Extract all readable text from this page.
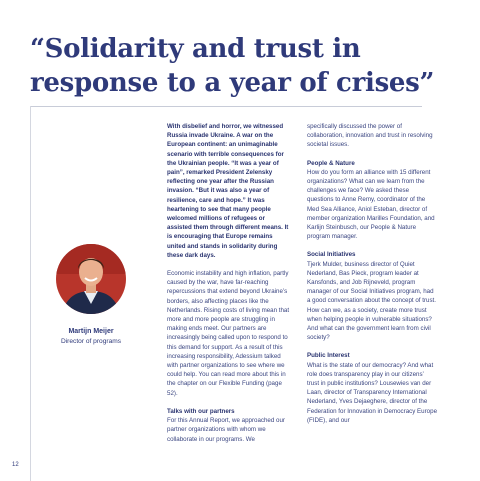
“Solidarity and trust in
response to a year of crises”
Martijn Meijer
Director of programs

With disbelief and horror, we witnessed Russia invade Ukraine. A war on the European continent: an unimaginable scenario with terrible consequences for the Ukrainian people. “It was a year of pain”, remarked President Zelensky reflecting one year after the Russian invasion. “But it was also a year of resilience, care and hope.” It was heartening to see that many people welcomed millions of refugees or assisted them through different means. It is encouraging that Europe remains united and stands in solidarity during these dark days.

Economic instability and high inflation, partly caused by the war, have far-reaching repercussions that extend beyond Ukraine’s borders, also affecting places like the Netherlands. Rising costs of living mean that more and more people are struggling in making ends meet. Our partners are increasingly being called upon to respond to this demand for support. As a result of this increasing responsibility, Adessium talked with partner organizations to see where we could help. You can read more about this in the chapter on our Flexible Funding (page 52).

Talks with our partners

For this Annual Report, we approached our partner organizations with whom we collaborate in our programs. We

specifically discussed the power of collaboration, innovation and trust in resolving societal issues.

People & Nature

How do you form an alliance with 15 different organizations? What can we learn from the challenges we face? We asked these questions to Anne Remy, coordinator of the Med Sea Alliance, Aniol Esteban, director of member organization Marilles Foundation, and Karlijn Steinbusch, our People & Nature program manager.

Social Initiatives

Tjerk Mulder, business director of Quiet Nederland, Bas Pieck, program leader at Kansfonds, and Job Rijneveld, program manager of our Social Initiatives program, had a good conversation about the concept of trust. How can we, as a society, create more trust when helping people in vulnerable situations? And what can the government learn from civil society?

Public Interest

What is the state of our democracy? And what role does transparency play in our citizens’ trust in public institutions? Lousewies van der Laan, director of Transparency International Nederland, Yves Dejaeghere, director of the Federation for Innovation in Democracy Europe (FIDE), and our

12
